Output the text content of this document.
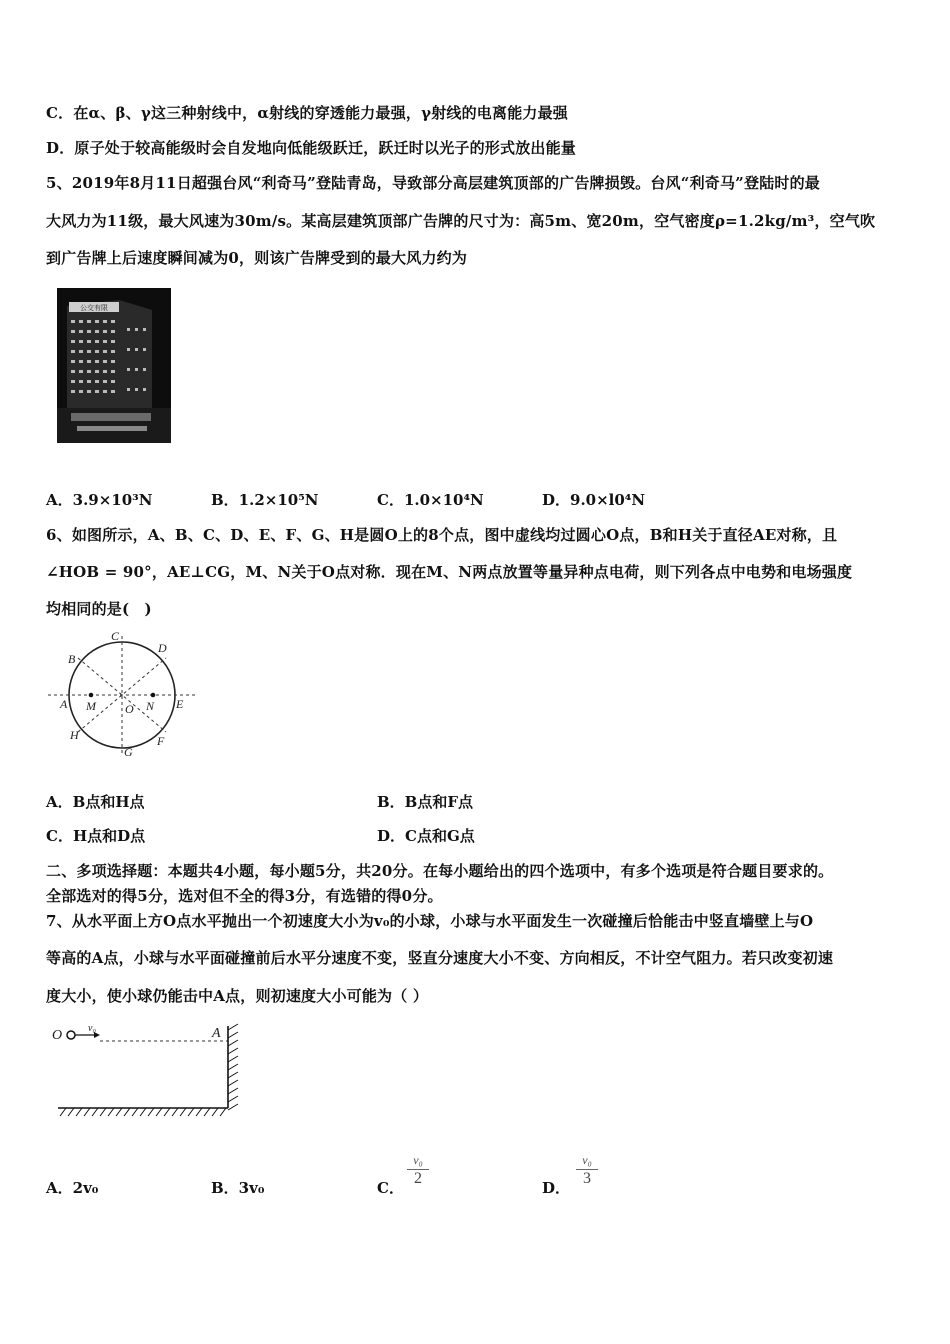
C．在α、β、γ这三种射线中，α射线的穿透能力最强，γ射线的电离能力最强
D．原子处于较高能级时会自发地向低能级跃迁，跃迁时以光子的形式放出能量
5、2019年8月11日超强台风“利奇马”登陆青岛，导致部分高层建筑顶部的广告牌损毁。台风“利奇马”登陆时的最
大风力为11级，最大风速为30m/s。某高层建筑顶部广告牌的尺寸为：高5m、宽20m，空气密度ρ=1.2kg/m³，空气吹
到广告牌上后速度瞬间减为0，则该广告牌受到的最大风力约为
公交有限
A．3.9×10³N	B．1.2×10⁵N	C．1.0×10⁴N	D．9.0×l0⁴N
6、如图所示，A、B、C、D、E、F、G、H是圆O上的8个点，图中虚线均过圆心O点，B和H关于直径AE对称，且
∠HOB = 90°，AE⊥CG，M、N关于O点对称．现在M、N两点放置等量异种点电荷，则下列各点中电势和电场强度
均相同的是(　)
C
D
B
A M O N E
H	F
G
A．B点和H点	B．B点和F点
C．H点和D点	D．C点和G点
二、多项选择题：本题共4小题，每小题5分，共20分。在每小题给出的四个选项中，有多个选项是符合题目要求的。
全部选对的得5分，选对但不全的得3分，有选错的得0分。
7、从水平面上方O点水平抛出一个初速度大小为v₀的小球，小球与水平面发生一次碰撞后恰能击中竖直墙壁上与O
等高的A点，小球与水平面碰撞前后水平分速度不变，竖直分速度大小不变、方向相反，不计空气阻力。若只改变初速
度大小，使小球仍能击中A点，则初速度大小可能为（ ）
O	v₀	A
A．2v₀	B．3v₀	C．
v₀
2
D．
v₀
3
